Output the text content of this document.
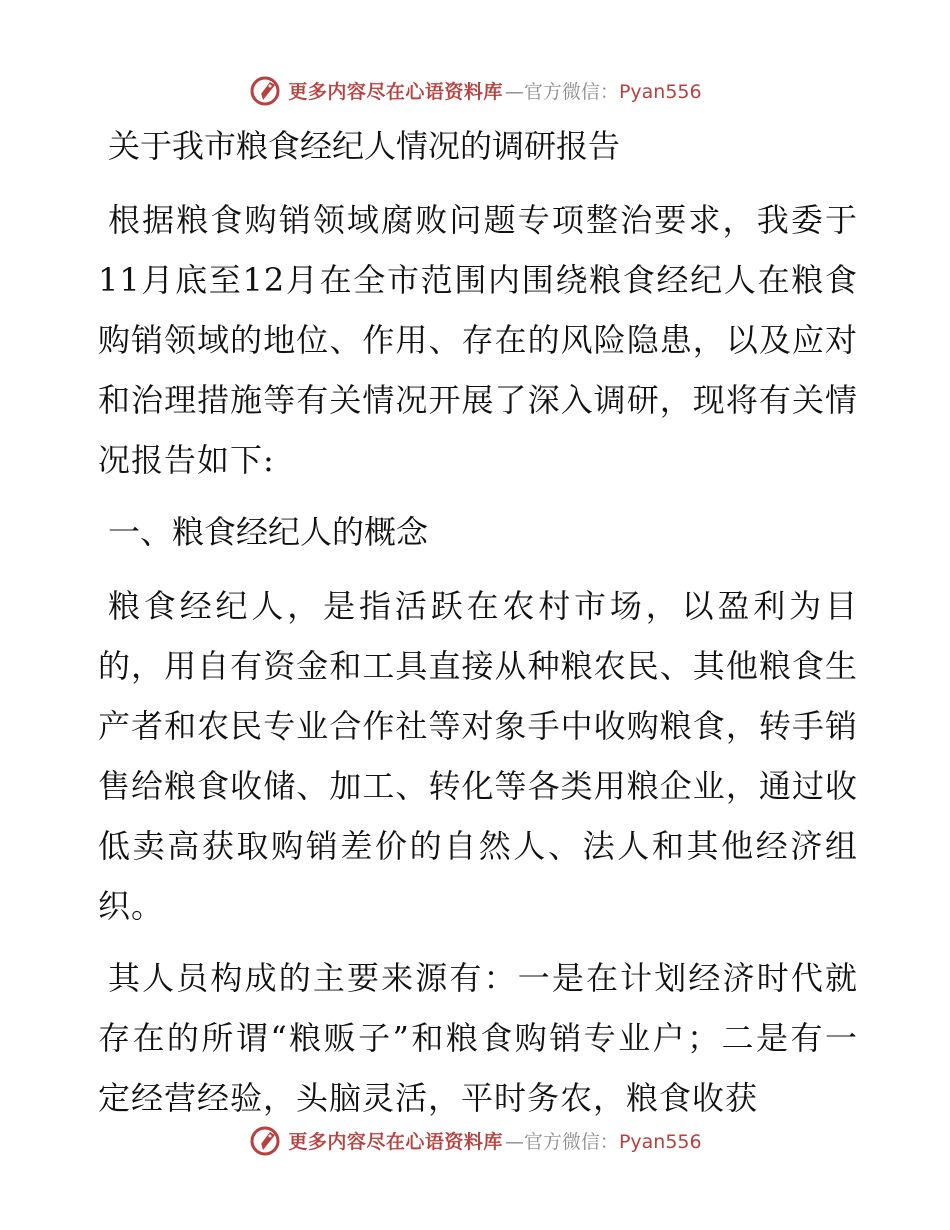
更多内容尽在心语资料库 —官方微信：Pyan556
关于我市粮食经纪人情况的调研报告

根据粮食购销领域腐败问题专项整治要求，我委于11月底至12月在全市范围内围绕粮食经纪人在粮食购销领域的地位、作用、存在的风险隐患，以及应对和治理措施等有关情况开展了深入调研，现将有关情况报告如下:

一、粮食经纪人的概念

粮食经纪人，是指活跃在农村市场，以盈利为目的，用自有资金和工具直接从种粮农民、其他粮食生产者和农民专业合作社等对象手中收购粮食，转手销售给粮食收储、加工、转化等各类用粮企业，通过收低卖高获取购销差价的自然人、法人和其他经济组织。

其人员构成的主要来源有：一是在计划经济时代就存在的所谓“粮贩子”和粮食购销专业户；二是有一定经营经验，头脑灵活，平时务农，粮食收获

更多内容尽在心语资料库 —官方微信：Pyan556
